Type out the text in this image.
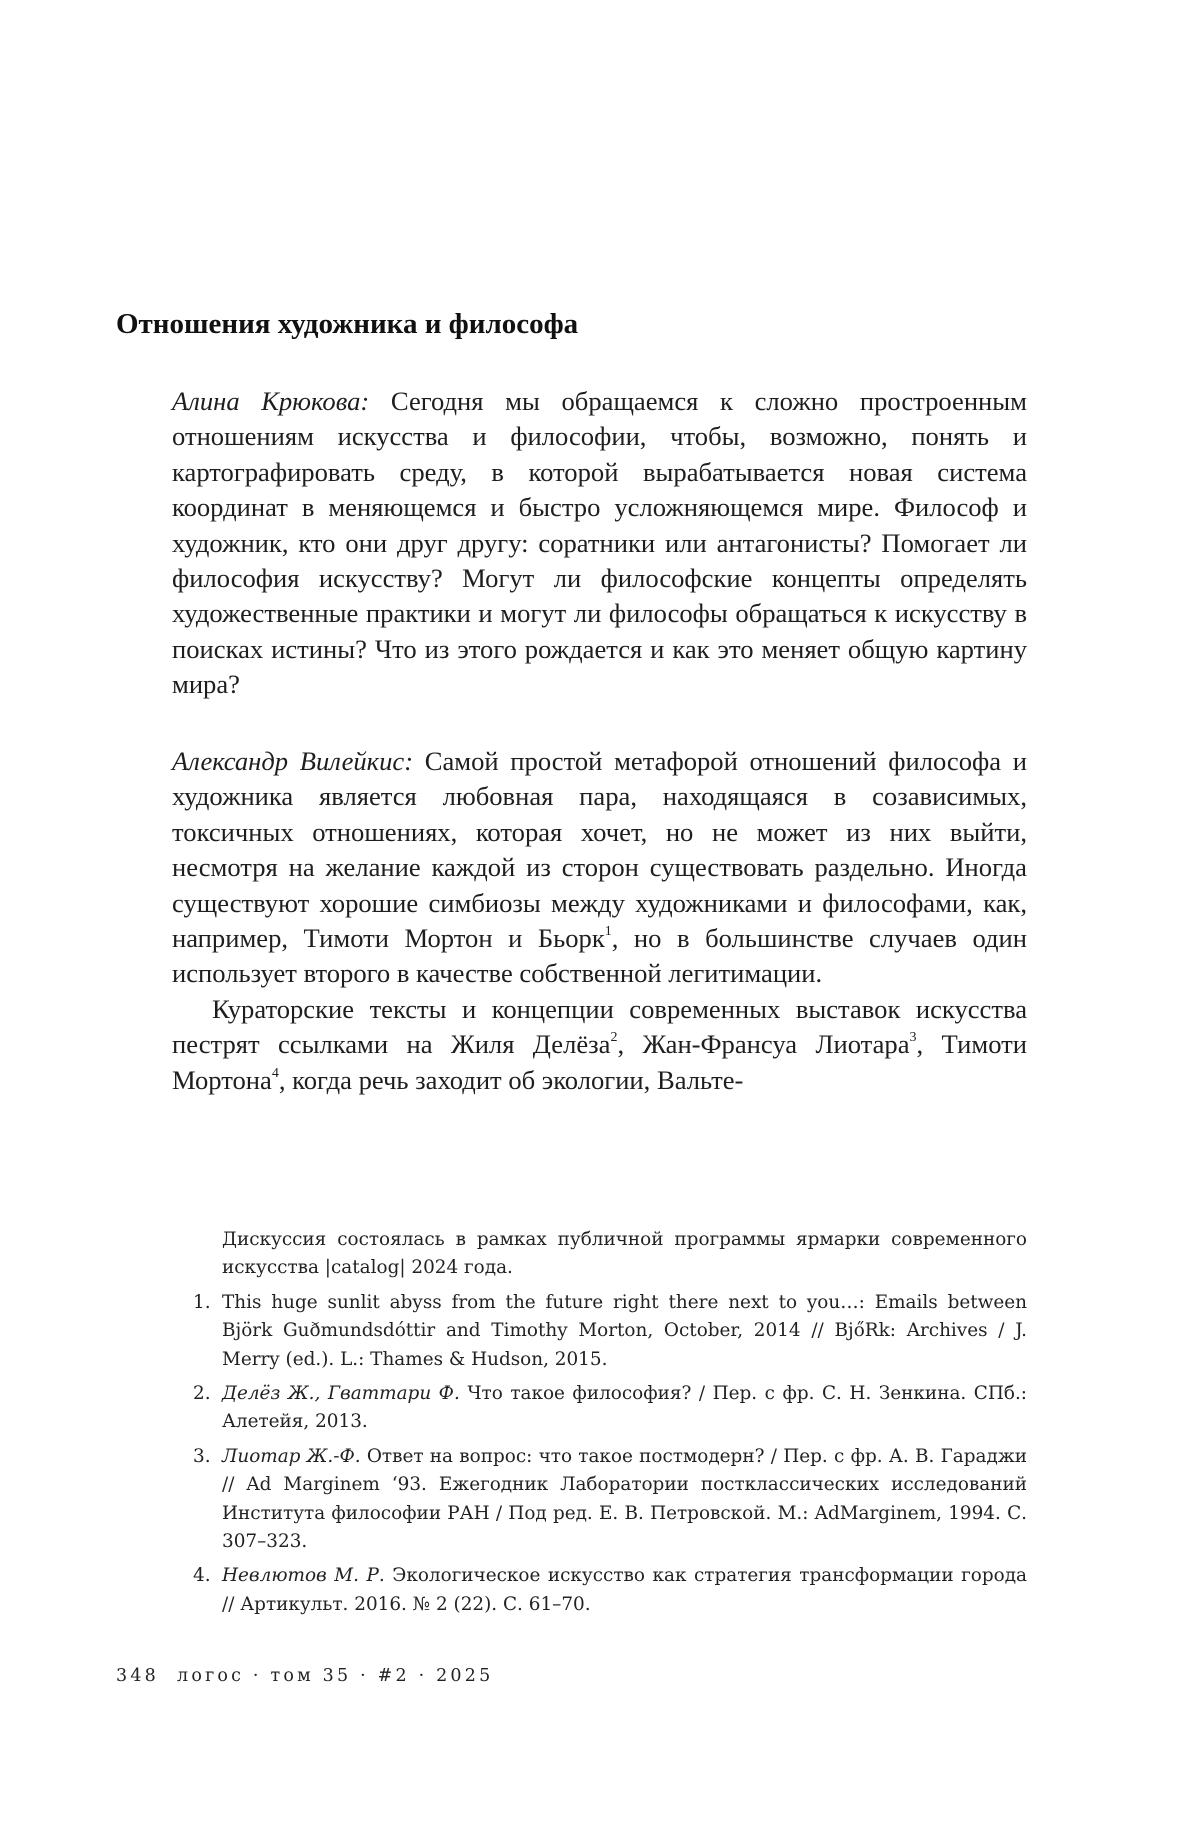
Отношения художника и философа

Алина Крюкова: Сегодня мы обращаемся к сложно простроенным отношениям искусства и философии, чтобы, возможно, понять и картографировать среду, в которой вырабатывается новая система координат в меняющемся и быстро усложняющемся мире. Философ и художник, кто они друг другу: соратники или антагонисты? Помогает ли философия искусству? Могут ли философские концепты определять художественные практики и могут ли философы обращаться к искусству в поисках истины? Что из этого рождается и как это меняет общую картину мира?

Александр Вилейкис: Самой простой метафорой отношений философа и художника является любовная пара, находящаяся в созависимых, токсичных отношениях, которая хочет, но не может из них выйти, несмотря на желание каждой из сторон существовать раздельно. Иногда существуют хорошие симбиозы между художниками и философами, как, например, Тимоти Мортон и Бьорк$^1$, но в большинстве случаев один использует второго в качестве собственной легитимации.

Кураторские тексты и концепции современных выставок искусства пестрят ссылками на Жиля Делёза$^2$, Жан-Франсуа Лиотара$^3$, Тимоти Мортона$^4$, когда речь заходит об экологии, Вальте-

Дискуссия состоялась в рамках публичной программы ярмарки современного искусства |catalog| 2024 года.

1. This huge sunlit abyss from the future right there next to you…: Emails between Björk Guðmundsdóttir and Timothy Morton, October, 2014 // BjőRk: Archives / J. Merry (ed.). L.: Thames & Hudson, 2015.
2. Делёз Ж., Гваттари Ф. Что такое философия? / Пер. с фр. С. Н. Зенкина. СПб.: Алетейя, 2013.
3. Лиотар Ж.-Ф. Ответ на вопрос: что такое постмодерн? / Пер. с фр. А. В. Гараджи // Ad Marginem ‘93. Ежегодник Лаборатории постклассических исследований Института философии РАН / Под ред. Е. В. Петровской. М.: AdMarginem, 1994. С. 307–323.
4. Невлютов М. Р. Экологическое искусство как стратегия трансформации города // Артикульт. 2016. № 2 (22). С. 61–70.
348 логос · том 35 · #2 · 2025
